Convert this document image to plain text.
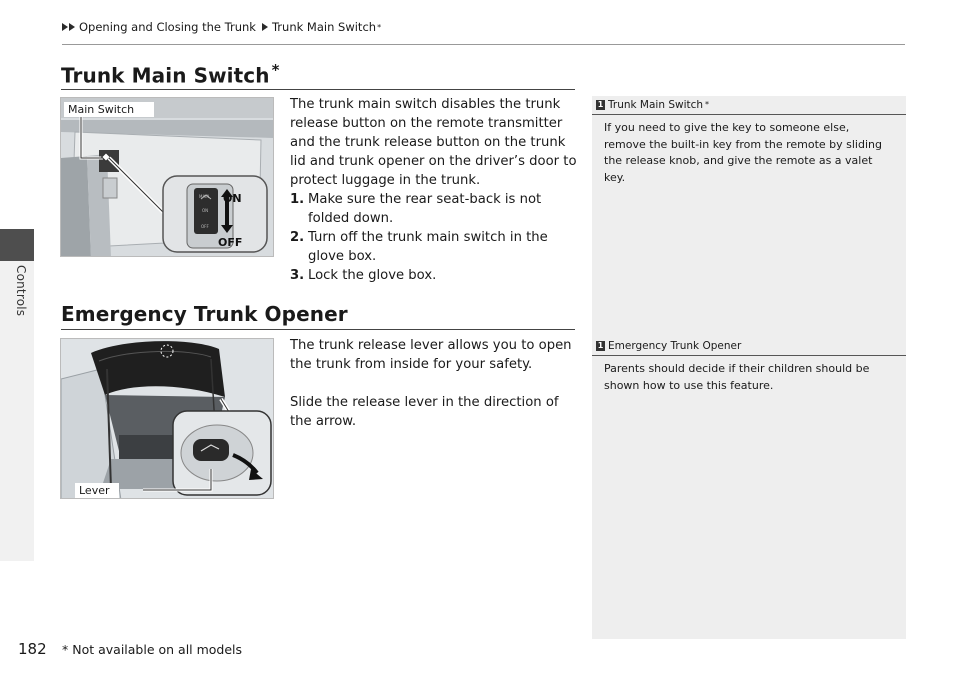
Controls
Opening and Closing the Trunk Trunk Main Switch *
Trunk Main Switch *
Main Switch
MAIN
ON
OFF
ON
OFF

The trunk main switch disables the trunk release button on the remote transmitter and the trunk release button on the trunk lid and trunk opener on the driver’s door to protect luggage in the trunk.

1. Make sure the rear seat-back is not folded down.
2. Turn off the trunk main switch in the glove box.
3. Lock the glove box.
Emergency Trunk Opener
Lever

The trunk release lever allows you to open the trunk from inside for your safety.

Slide the release lever in the direction of the arrow.

1 Trunk Main Switch *

If you need to give the key to someone else, remove the built-in key from the remote by sliding the release knob, and give the remote as a valet key.

1 Emergency Trunk Opener

Parents should decide if their children should be shown how to use this feature.

182 * Not available on all models
